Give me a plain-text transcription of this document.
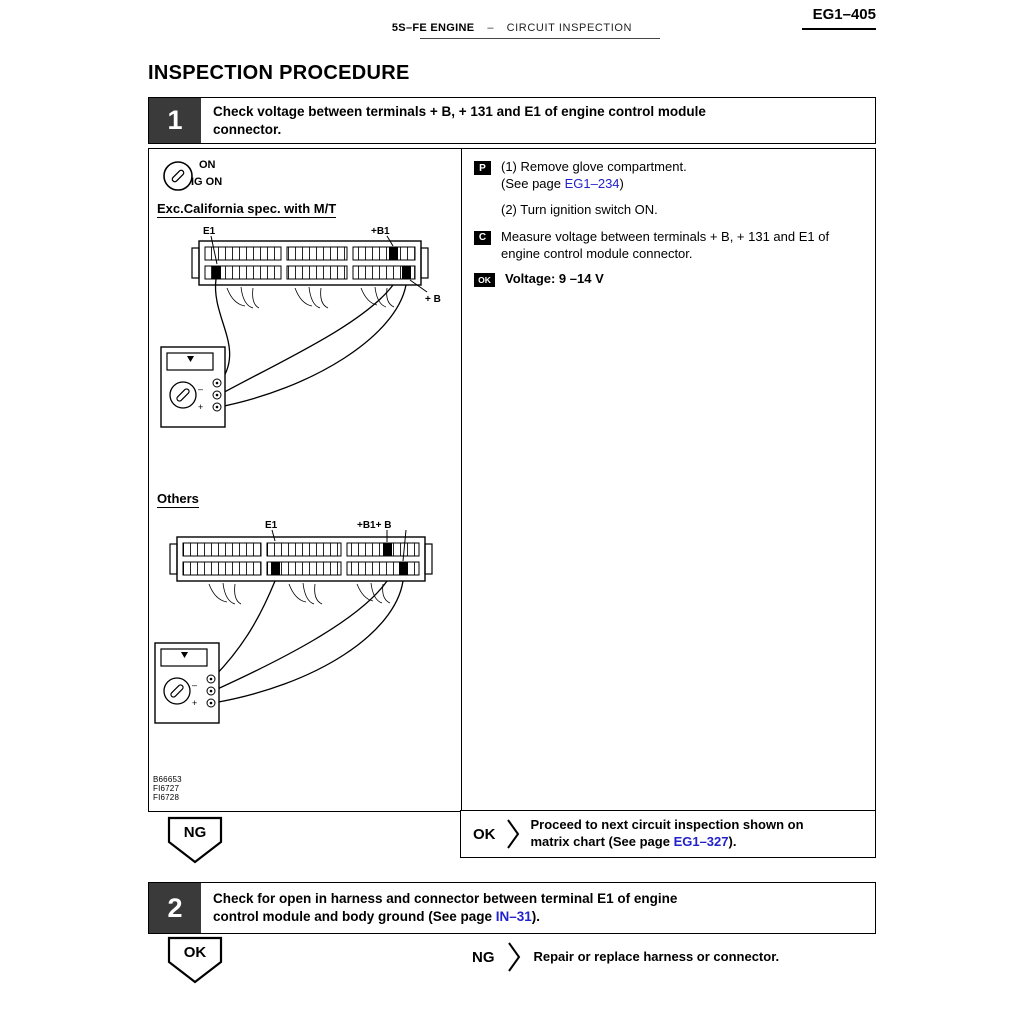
EG1–405
5S–FE ENGINE – CIRCUIT INSPECTION
INSPECTION PROCEDURE
1	Check voltage between terminals + B, + 131 and E1 of engine control module connector.
ON
IG ON
Exc.California spec. with M/T
E1	+B1
+ B
–
+
Others
E1	+B1+ B
–
+
B66653
FI6727
FI6728
P	(1) Remove glove compartment.
(See page EG1–234)
(2) Turn ignition switch ON.
C	Measure voltage between terminals + B, + 131 and E1 of engine control module connector.
OK	Voltage: 9 –14 V
NG	OK
Proceed to next circuit inspection shown on matrix chart (See page EG1–327).
2	Check for open in harness and connector between terminal E1 of engine control module and body ground (See page IN–31).
OK	NG	Repair or replace harness or connector.
